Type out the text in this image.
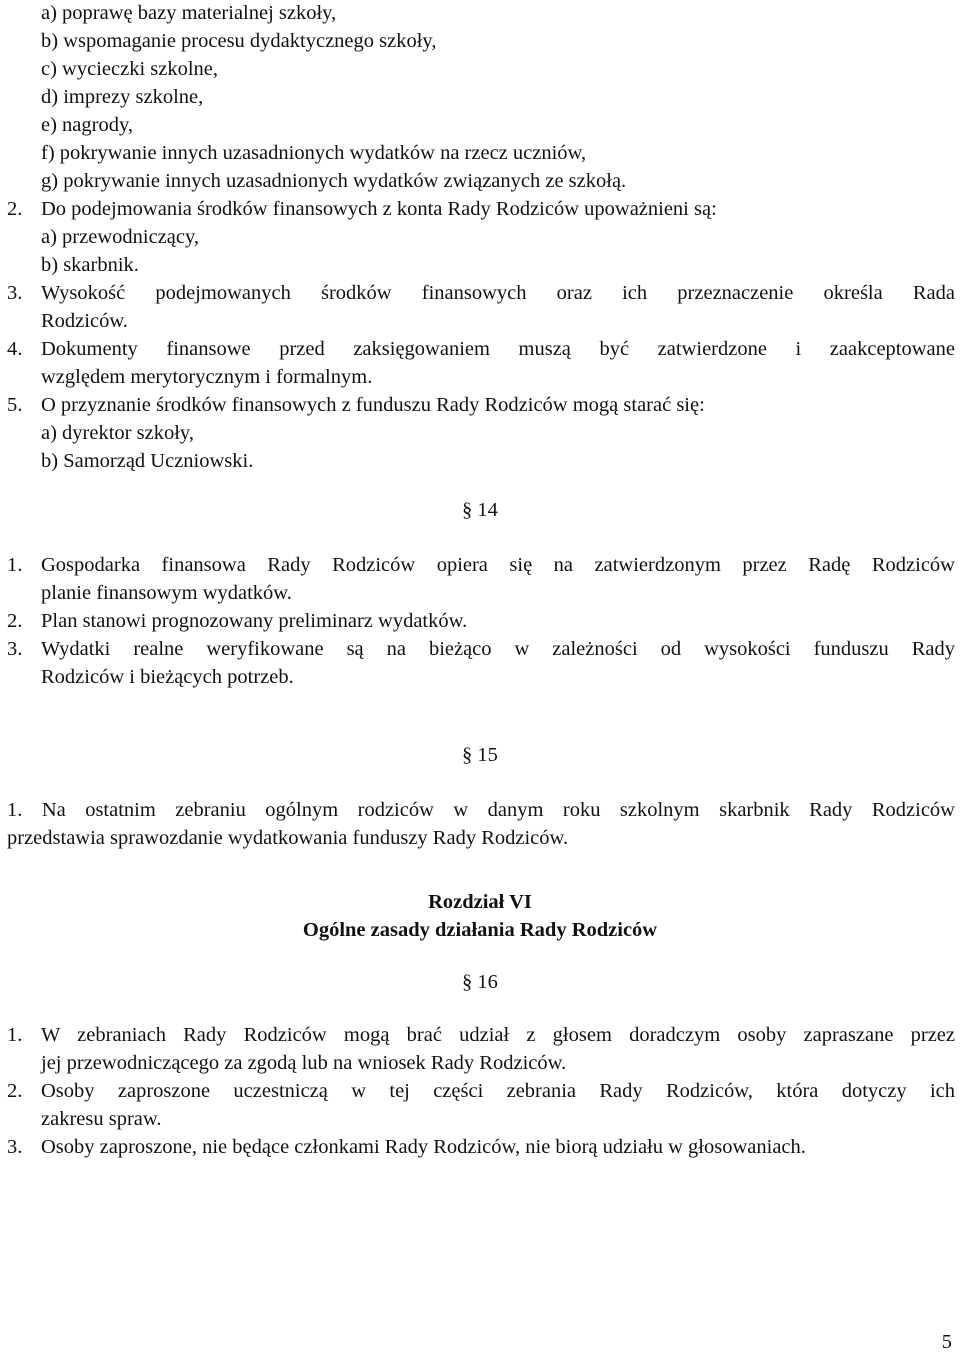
a) poprawę bazy materialnej szkoły,
b) wspomaganie procesu dydaktycznego szkoły,
c) wycieczki szkolne,
d) imprezy szkolne,
e) nagrody,
f) pokrywanie innych uzasadnionych wydatków na rzecz uczniów,
g) pokrywanie innych uzasadnionych wydatków związanych ze szkołą.
2. Do podejmowania środków finansowych z konta Rady Rodziców upoważnieni są:
a) przewodniczący,
b) skarbnik.
3. Wysokość podejmowanych środków finansowych oraz ich przeznaczenie określa Rada
Rodziców.
4. Dokumenty finansowe przed zaksięgowaniem muszą być zatwierdzone i zaakceptowane
względem merytorycznym i formalnym.
5. O przyznanie środków finansowych z funduszu Rady Rodziców mogą starać się:
a) dyrektor szkoły,
b) Samorząd Uczniowski.
§ 14
1. Gospodarka finansowa Rady Rodziców opiera się na zatwierdzonym przez Radę Rodziców
planie finansowym wydatków.
2. Plan stanowi prognozowany preliminarz wydatków.
3. Wydatki realne weryfikowane są na bieżąco w zależności od wysokości funduszu Rady
Rodziców i bieżących potrzeb.
§ 15
1. Na ostatnim zebraniu ogólnym rodziców w danym roku szkolnym skarbnik Rady Rodziców
przedstawia sprawozdanie wydatkowania funduszy Rady Rodziców.
Rozdział VI
Ogólne zasady działania Rady Rodziców
§ 16
1. W zebraniach Rady Rodziców mogą brać udział z głosem doradczym osoby zapraszane przez
jej przewodniczącego za zgodą lub na wniosek Rady Rodziców.
2. Osoby zaproszone uczestniczą w tej części zebrania Rady Rodziców, która dotyczy ich
zakresu spraw.
3. Osoby zaproszone, nie będące członkami Rady Rodziców, nie biorą udziału w głosowaniach.
5
